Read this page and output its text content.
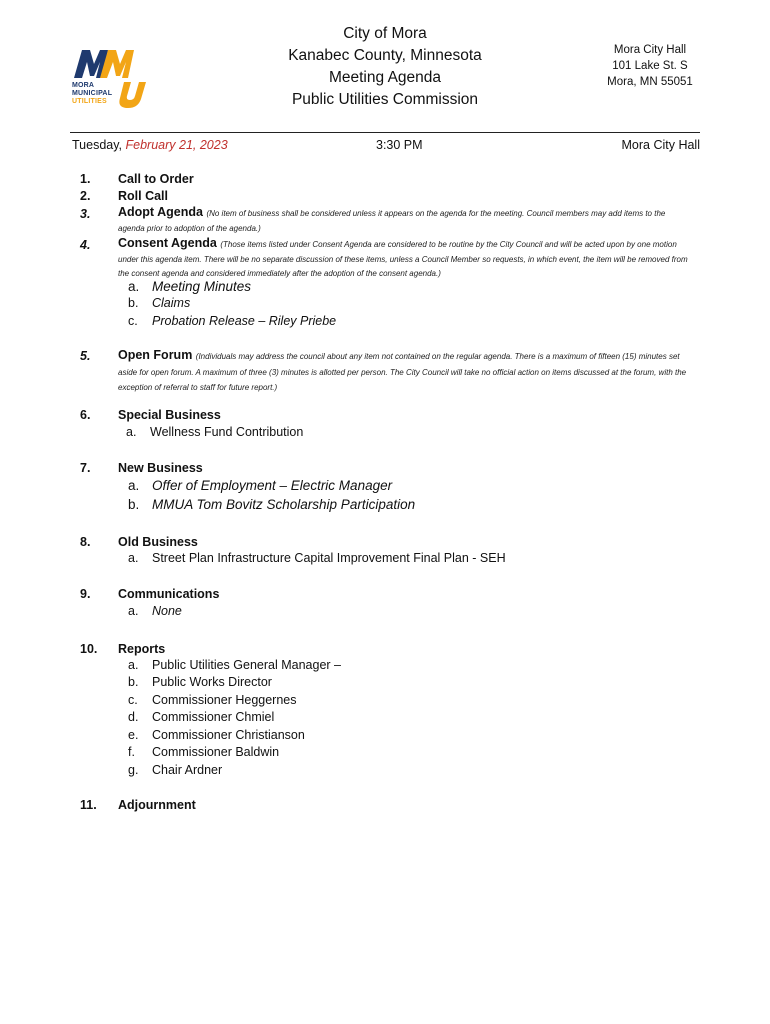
MORA
MUNICIPAL
UTILITIES
City of Mora
Kanabec County, Minnesota
Meeting Agenda
Public Utilities Commission
Mora City Hall
101 Lake St. S
Mora, MN 55051
Tuesday, February 21, 2023	3:30 PM	Mora City Hall
1.	Call to Order
2.	Roll Call
3.	Adopt Agenda (No item of business shall be considered unless it appears on the agenda for the meeting. Council members may add items to the agenda prior to adoption of the agenda.)
4.	Consent Agenda (Those items listed under Consent Agenda are considered to be routine by the City Council and will be acted upon by one motion under this agenda item. There will be no separate discussion of these items, unless a Council Member so requests, in which event, the item will be removed from the consent agenda and considered immediately after the adoption of the consent agenda.)
a. Meeting Minutes
b.	Claims
c.	Probation Release – Riley Priebe
5.	Open Forum (Individuals may address the council about any item not contained on the regular agenda. There is a maximum of fifteen (15) minutes set aside for open forum. A maximum of three (3) minutes is allotted per person. The City Council will take no official action on items discussed at the forum, with the exception of referral to staff for future report.)
6.	Special Business
a.	Wellness Fund Contribution
7.	New Business
a. Offer of Employment – Electric Manager
b. MMUA Tom Bovitz Scholarship Participation
8.	Old Business
a.	Street Plan Infrastructure Capital Improvement Final Plan - SEH
9.	Communications
a.	None
10.	Reports
a.	Public Utilities General Manager –
b.	Public Works Director
c.	Commissioner Heggernes
d.	Commissioner Chmiel
e.	Commissioner Christianson
f.	Commissioner Baldwin
g.	Chair Ardner
11.	Adjournment
